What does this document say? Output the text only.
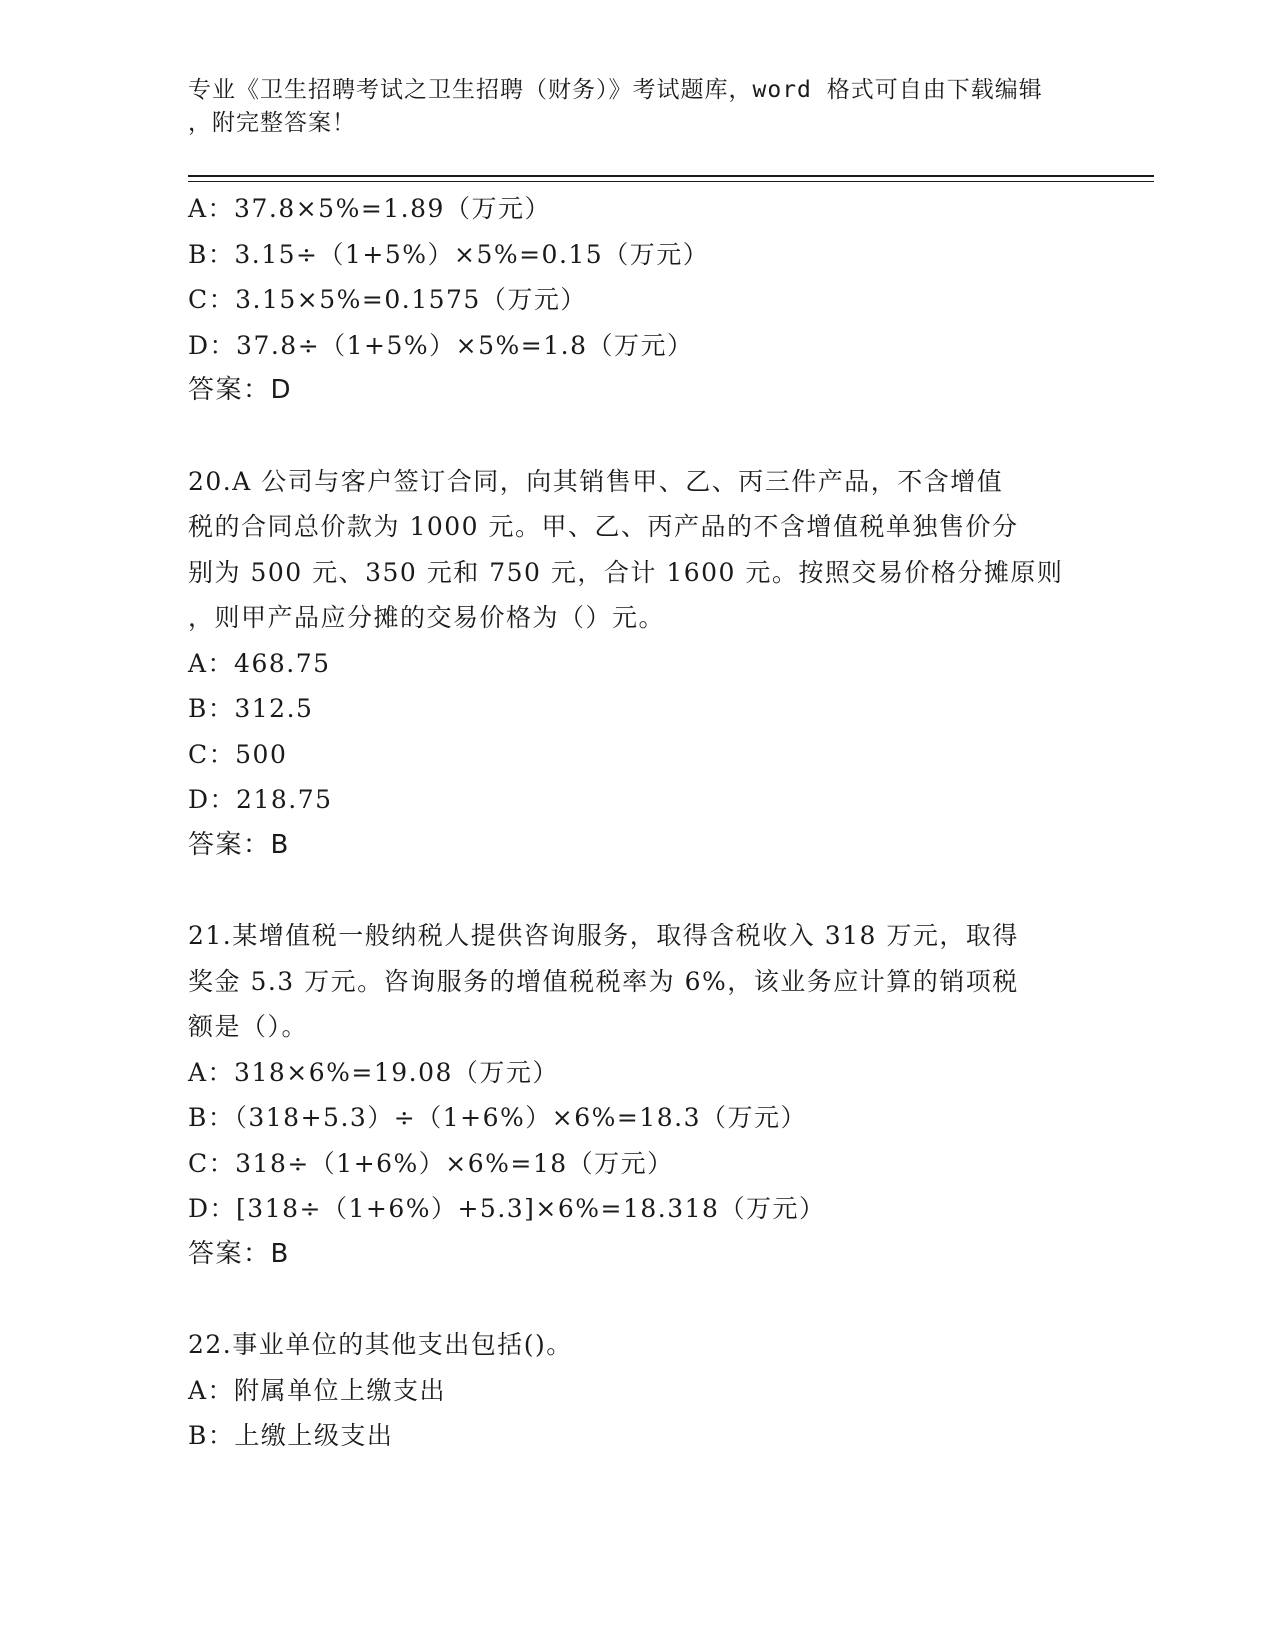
专业《卫生招聘考试之卫生招聘（财务）》考试题库，word 格式可自由下载编辑
，附完整答案！
A：37.8×5%=1.89（万元）
B：3.15÷（1+5%）×5%=0.15（万元）
C：3.15×5%=0.1575（万元）
D：37.8÷（1+5%）×5%=1.8（万元）
答案：D
20.A 公司与客户签订合同，向其销售甲、乙、丙三件产品，不含增值
税的合同总价款为 1000 元。甲、乙、丙产品的不含增值税单独售价分
别为 500 元、350 元和 750 元，合计 1600 元。按照交易价格分摊原则
，则甲产品应分摊的交易价格为（）元。
A：468.75
B：312.5
C：500
D：218.75
答案：B
21.某增值税一般纳税人提供咨询服务，取得含税收入 318 万元，取得
奖金 5.3 万元。咨询服务的增值税税率为 6%，该业务应计算的销项税
额是（）。
A：318×6%=19.08（万元）
B：（318+5.3）÷（1+6%）×6%=18.3（万元）
C：318÷（1+6%）×6%=18（万元）
D：[318÷（1+6%）+5.3]×6%=18.318（万元）
答案：B
22.事业单位的其他支出包括()。
A：附属单位上缴支出
B：上缴上级支出
